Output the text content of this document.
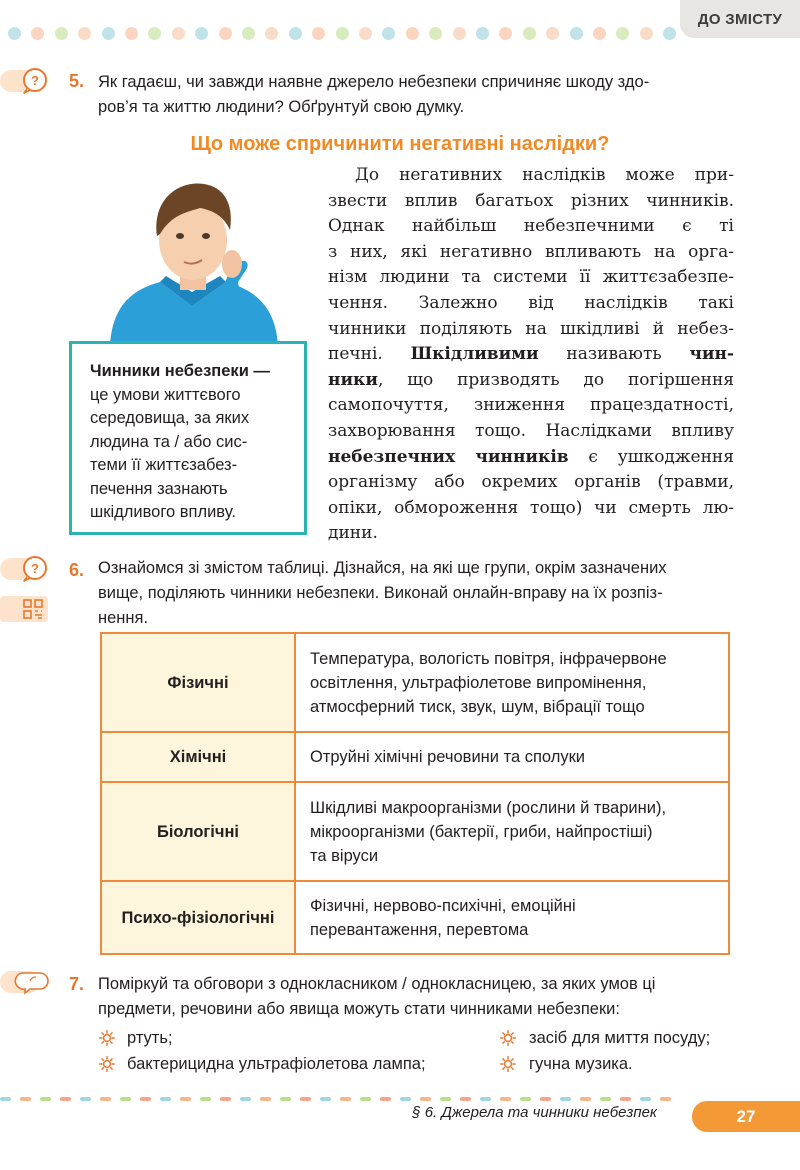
ДО ЗМІСТУ
? 5. Як гадаєш, чи завжди наявне джерело небезпеки спричиняє шкоду здо-
ров’я та життю людини? Обґрунтуй свою думку.
Що може спричинити негативні наслідки?
Чинники небезпеки —
це умови життєвого
середовища, за яких
людина та / або сис-
теми її життєзабез-
печення зазнають
шкідливого впливу.
До негативних наслідків може при-
звести вплив багатьох різних чинників.
Однак найбільш небезпечними є ті
з них, які негативно впливають на орга-
нізм людини та системи її життєзабезпе-
чення. Залежно від наслідків такі
чинники поділяють на шкідливі й небез-
печні. Шкідливими називають чин-
ники, що призводять до погіршення
самопочуття, зниження працездатності,
захворювання тощо. Наслідками впливу
небезпечних чинників є ушкодження
організму або окремих органів (травми,
опіки, обмороження тощо) чи смерть лю-
дини.
? 6. Ознайомся зі змістом таблиці. Дізнайся, на які ще групи, окрім зазначених
вище, поділяють чинники небезпеки. Виконай онлайн-вправу на їх розпіз-
нення.
Фізичні	Температура, вологість повітря, інфрачервоне
освітлення, ультрафіолетове випромінення,
атмосферний тиск, звук, шум, вібрації тощо

Хімічні	Отруйні хімічні речовини та сполуки

Біологічні	Шкідливі макроорганізми (рослини й тварини),
мікроорганізми (бактерії, гриби, найпростіші)
та віруси

Психо-фізіологічні	Фізичні, нервово-психічні, емоційні
перевантаження, перевтома
7. Поміркуй та обговори з однокласником / однокласницею, за яких умов ці
предмети, речовини або явища можуть стати чинниками небезпеки:
ртуть;
бактерицидна ультрафіолетова лампа;
засіб для миття посуду;
гучна музика.
§ 6. Джерела та чинники небезпек	27
